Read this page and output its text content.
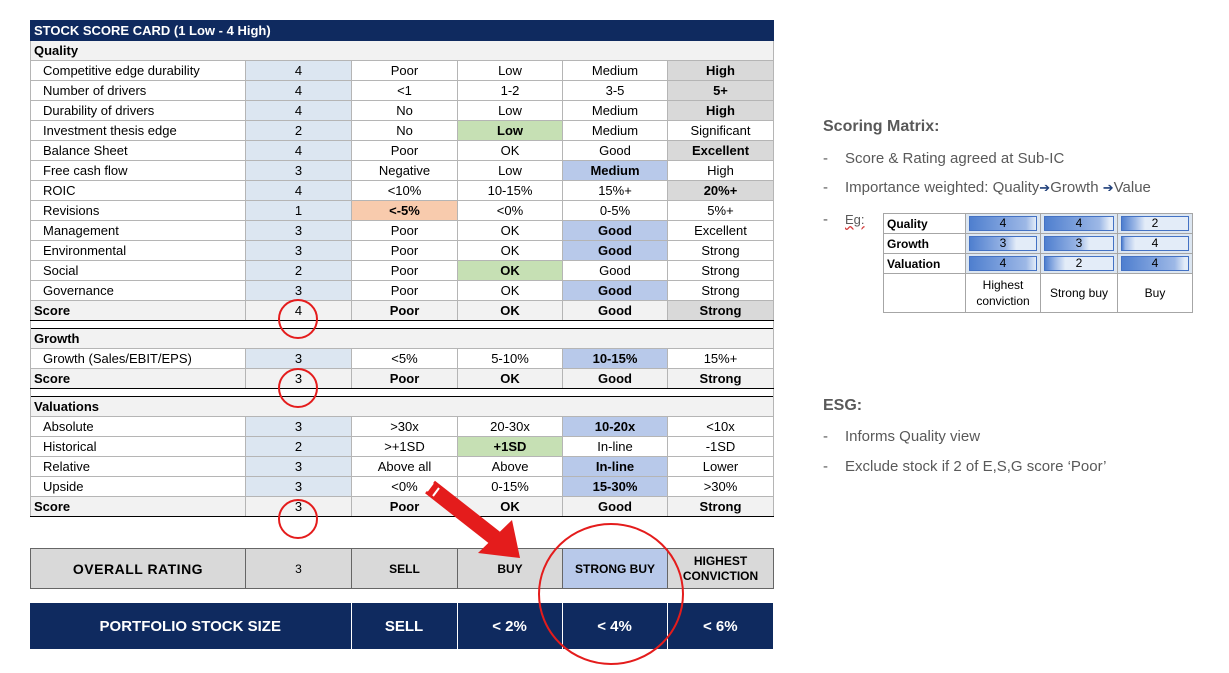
STOCK SCORE CARD (1 Low - 4 High)					
Quality					
Competitive edge durability	4	Poor	Low	Medium	High
Number of drivers	4	<1	1-2	3-5	5+
Durability of drivers	4	No	Low	Medium	High
Investment thesis edge	2	No	Low	Medium	Significant
Balance Sheet	4	Poor	OK	Good	Excellent
Free cash flow	3	Negative	Low	Medium	High
ROIC	4	<10%	10-15%	15%+	20%+
Revisions	1	<-5%	<0%	0-5%	5%+
Management	3	Poor	OK	Good	Excellent
Environmental	3	Poor	OK	Good	Strong
Social	2	Poor	OK	Good	Strong
Governance	3	Poor	OK	Good	Strong
Score	4	Poor	OK	Good	Strong

Growth					
Growth (Sales/EBIT/EPS)	3	<5%	5-10%	10-15%	15%+
Score	3	Poor	OK	Good	Strong

Valuations					
Absolute	3	>30x	20-30x	10-20x	<10x
Historical	2	>+1SD	+1SD	In-line	-1SD
Relative	3	Above all	Above	In-line	Lower
Upside	3	<0%	0-15%	15-30%	>30%
Score	3	Poor	OK	Good	Strong
OVERALL RATING	3	SELL	BUY	STRONG BUY	HIGHEST CONVICTION
PORTFOLIO STOCK SIZE	SELL	< 2%	< 4%	< 6%
Scoring Matrix:
- Score & Rating agreed at Sub-IC
- Importance weighted: Quality➔Growth ➔Value
- Eg: Quality	4	4	2

Growth	3	3	4

Valuation	4	2	4

	Highest conviction	Strong buy	Buy
ESG:
- Informs Quality view
- Exclude stock if 2 of E,S,G score ‘Poor’
